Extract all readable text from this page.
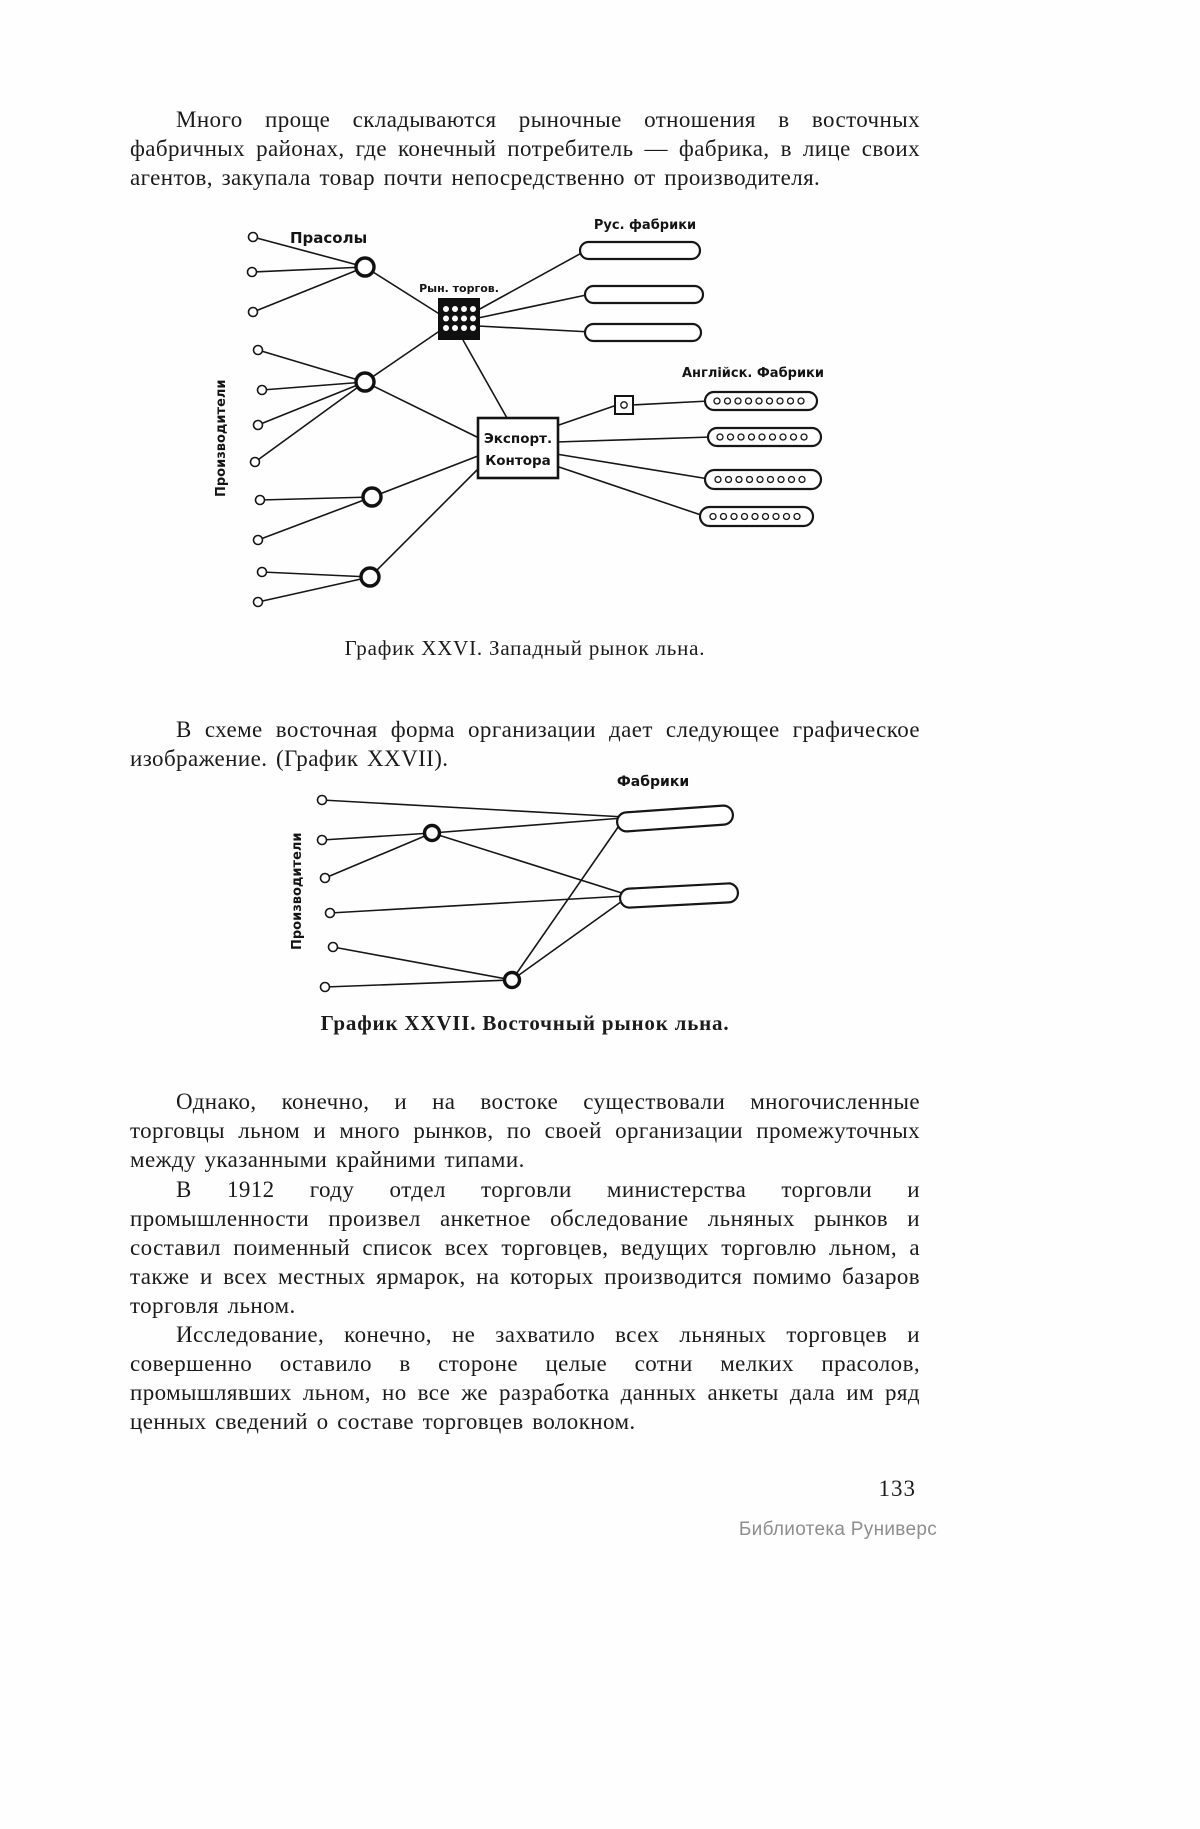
Много проще складываются рыночные отношения в восточных фабричных районах, где конечный потребитель — фабрика, в лице своих агентов, закупала товар почти непосредственно от производителя.

Экспорт.
Контора
Прасолы
Рус. фабрики
Англійск. Фабрики
Рын. торгов.
Производители
График XXVI. Западный рынок льна.

В схеме восточная форма организации дает следующее графическое изображение. (График XXVII).

Фабрики
Производители
График XXVII. Восточный рынок льна.

Однако, конечно, и на востоке существовали многочисленные торговцы льном и много рынков, по своей организации промежуточных между указанными крайними типами.

В 1912 году отдел торговли министерства торговли и промышленности произвел анкетное обследование льняных рынков и составил поименный список всех торговцев, ведущих торговлю льном, а также и всех местных ярмарок, на которых производится помимо базаров торговля льном.

Исследование, конечно, не захватило всех льняных торговцев и совершенно оставило в стороне целые сотни мелких прасолов, промышлявших льном, но все же разработка данных анкеты дала им ряд ценных сведений о составе торговцев волокном.

133
Библиотека Руниверс
